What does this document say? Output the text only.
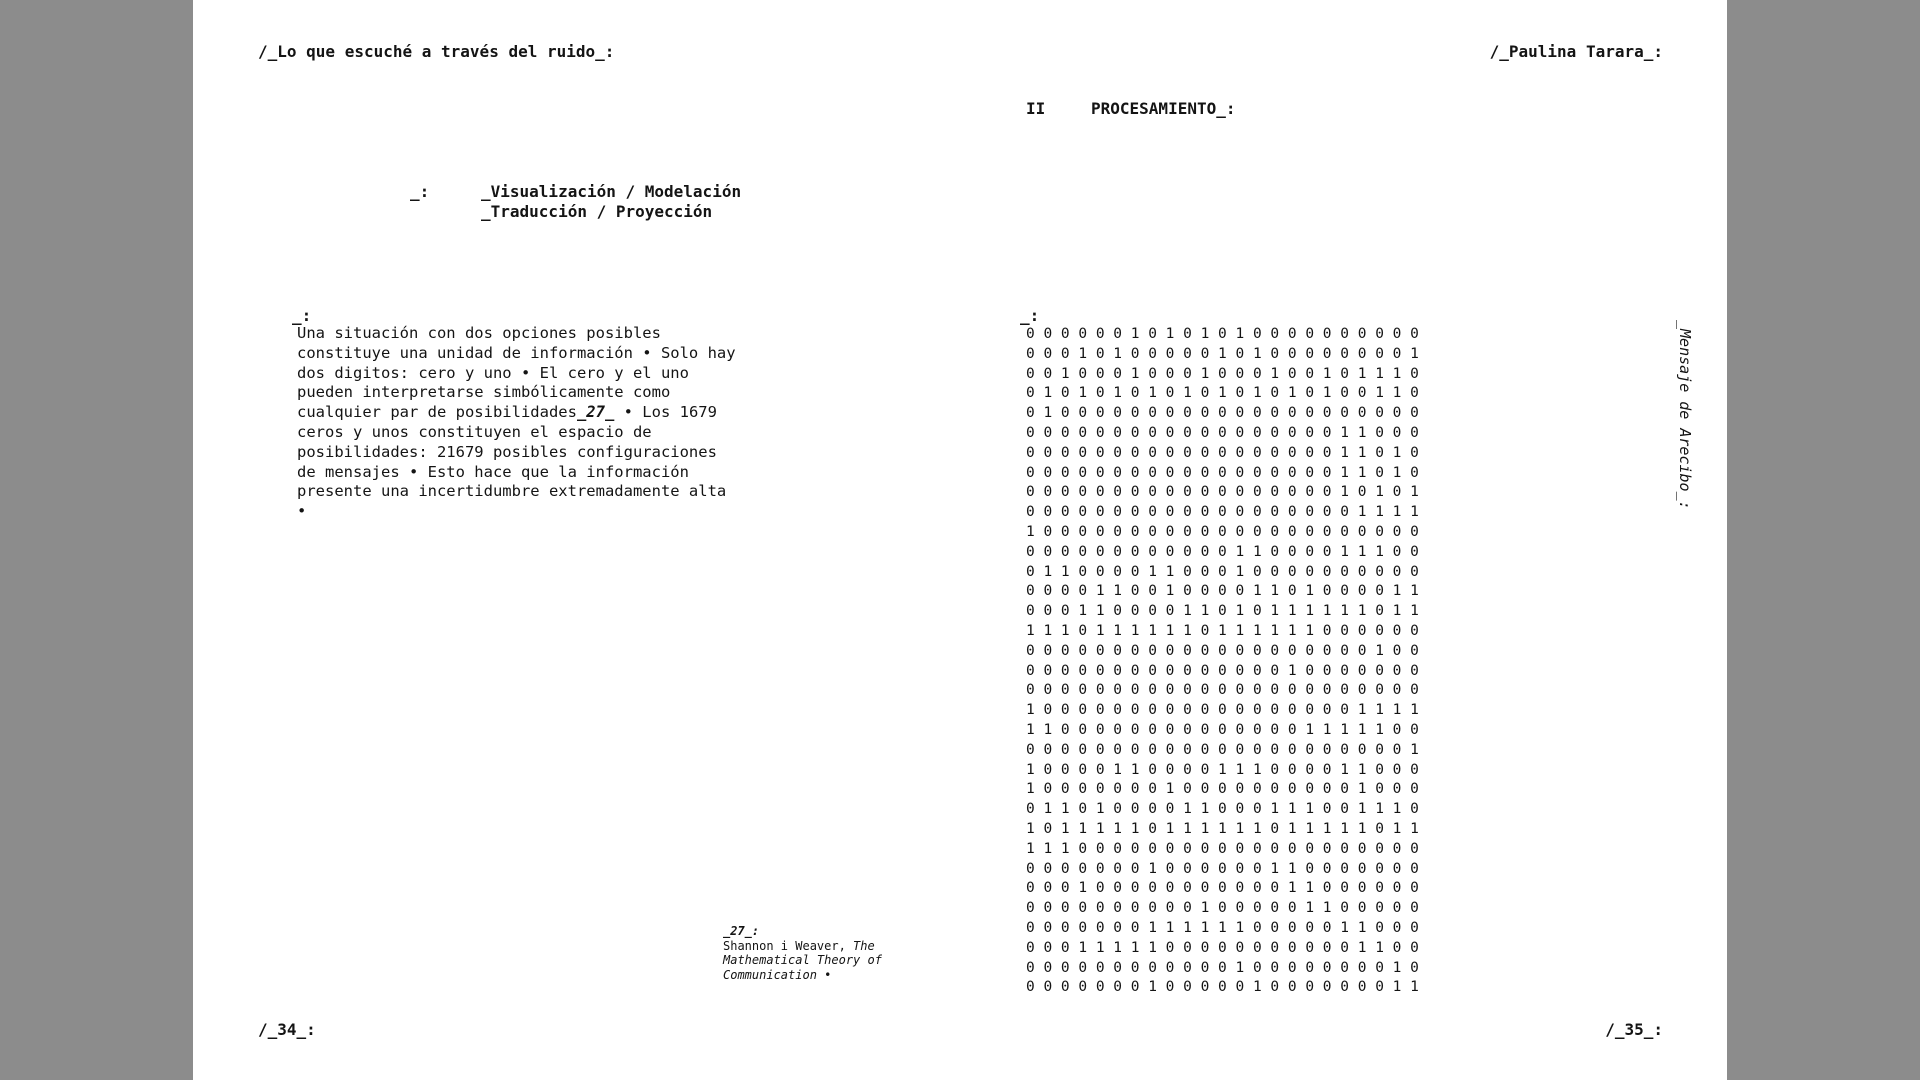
/_Lo que escuché a través del ruido_:	/_Paulina Tarara_:
II	PROCESAMIENTO_:

_:

	_Visualización / Modelación
_Traducción / Proyección

_:
Una situación con dos opciones posibles constituye una unidad de información • Solo hay dos digitos: cero y uno • El cero y el uno pueden interpretarse simbólicamente como cualquier par de posibilidades_27_ • Los 1679 ceros y unos constituyen el espacio de posibilidades: 21679 posibles configuraciones de mensajes • Esto hace que la información presente una incertidumbre extremadamente alta •
_27_:
Shannon i Weaver, The Mathematical Theory of Communication •
_:
0 0 0 0 0 0 1 0 1 0 1 0 1 0 0 0 0 0 0 0 0 0 0
0 0 0 1 0 1 0 0 0 0 0 1 0 1 0 0 0 0 0 0 0 0 1
0 0 1 0 0 0 1 0 0 0 1 0 0 0 1 0 0 1 0 1 1 1 0
0 1 0 1 0 1 0 1 0 1 0 1 0 1 0 1 0 1 0 0 1 1 0
0 1 0 0 0 0 0 0 0 0 0 0 0 0 0 0 0 0 0 0 0 0 0
0 0 0 0 0 0 0 0 0 0 0 0 0 0 0 0 0 0 1 1 0 0 0
0 0 0 0 0 0 0 0 0 0 0 0 0 0 0 0 0 0 1 1 0 1 0
0 0 0 0 0 0 0 0 0 0 0 0 0 0 0 0 0 0 1 1 0 1 0
0 0 0 0 0 0 0 0 0 0 0 0 0 0 0 0 0 0 1 0 1 0 1
0 0 0 0 0 0 0 0 0 0 0 0 0 0 0 0 0 0 0 1 1 1 1
1 0 0 0 0 0 0 0 0 0 0 0 0 0 0 0 0 0 0 0 0 0 0
0 0 0 0 0 0 0 0 0 0 0 0 1 1 0 0 0 0 1 1 1 0 0
0 1 1 0 0 0 0 1 1 0 0 0 1 0 0 0 0 0 0 0 0 0 0
0 0 0 0 1 1 0 0 1 0 0 0 0 1 1 0 1 0 0 0 0 1 1
0 0 0 1 1 0 0 0 0 1 1 0 1 0 1 1 1 1 1 1 0 1 1
1 1 1 0 1 1 1 1 1 1 0 1 1 1 1 1 1 0 0 0 0 0 0
0 0 0 0 0 0 0 0 0 0 0 0 0 0 0 0 0 0 0 0 1 0 0
0 0 0 0 0 0 0 0 0 0 0 0 0 0 0 1 0 0 0 0 0 0 0
0 0 0 0 0 0 0 0 0 0 0 0 0 0 0 0 0 0 0 0 0 0 0
1 0 0 0 0 0 0 0 0 0 0 0 0 0 0 0 0 0 0 1 1 1 1
1 1 0 0 0 0 0 0 0 0 0 0 0 0 0 0 1 1 1 1 1 0 0
0 0 0 0 0 0 0 0 0 0 0 0 0 0 0 0 0 0 0 0 0 0 1
1 0 0 0 0 1 1 0 0 0 0 1 1 1 0 0 0 0 1 1 0 0 0
1 0 0 0 0 0 0 0 1 0 0 0 0 0 0 0 0 0 0 1 0 0 0
0 1 1 0 1 0 0 0 0 1 1 0 0 0 1 1 1 0 0 1 1 1 0
1 0 1 1 1 1 1 0 1 1 1 1 1 1 0 1 1 1 1 1 0 1 1
1 1 1 0 0 0 0 0 0 0 0 0 0 0 0 0 0 0 0 0 0 0 0
0 0 0 0 0 0 0 1 0 0 0 0 0 0 1 1 0 0 0 0 0 0 0
0 0 0 1 0 0 0 0 0 0 0 0 0 0 0 1 1 0 0 0 0 0 0
0 0 0 0 0 0 0 0 0 0 1 0 0 0 0 0 1 1 0 0 0 0 0
0 0 0 0 0 0 0 1 1 1 1 1 1 0 0 0 0 0 1 1 0 0 0
0 0 0 1 1 1 1 1 0 0 0 0 0 0 0 0 0 0 0 1 1 0 0
0 0 0 0 0 0 0 0 0 0 0 0 1 0 0 0 0 0 0 0 0 1 0
0 0 0 0 0 0 0 1 0 0 0 0 0 1 0 0 0 0 0 0 0 1 1
_Mensaje de Arecibo_:
/_34_:	/_35_:
